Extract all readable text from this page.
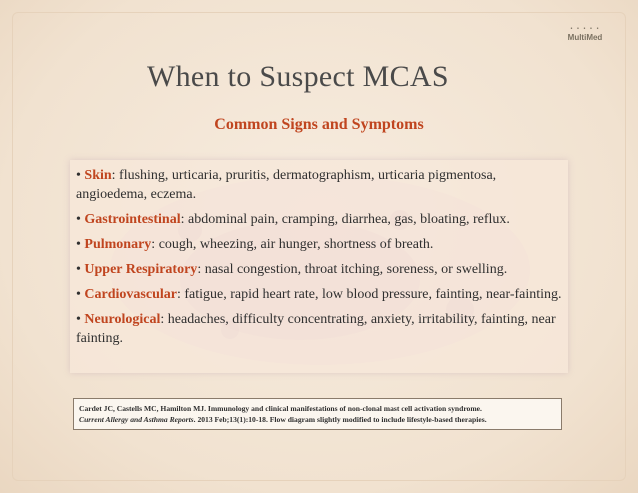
• • • • •
MultiMed
When to Suspect MCAS
Common Signs and Symptoms
• Skin: flushing, urticaria, pruritis, dermatographism, urticaria pigmentosa, angioedema, eczema.
• Gastrointestinal: abdominal pain, cramping, diarrhea, gas, bloating, reflux.
• Pulmonary: cough, wheezing, air hunger, shortness of breath.
• Upper Respiratory: nasal congestion, throat itching, soreness, or swelling.
• Cardiovascular: fatigue, rapid heart rate, low blood pressure, fainting, near-fainting.
• Neurological: headaches, difficulty concentrating, anxiety, irritability, fainting, near fainting.
Cardet JC, Castells MC, Hamilton MJ. Immunology and clinical manifestations of non-clonal mast cell activation syndrome.
Current Allergy and Asthma Reports. 2013 Feb;13(1):10-18. Flow diagram slightly modified to include lifestyle-based therapies.
